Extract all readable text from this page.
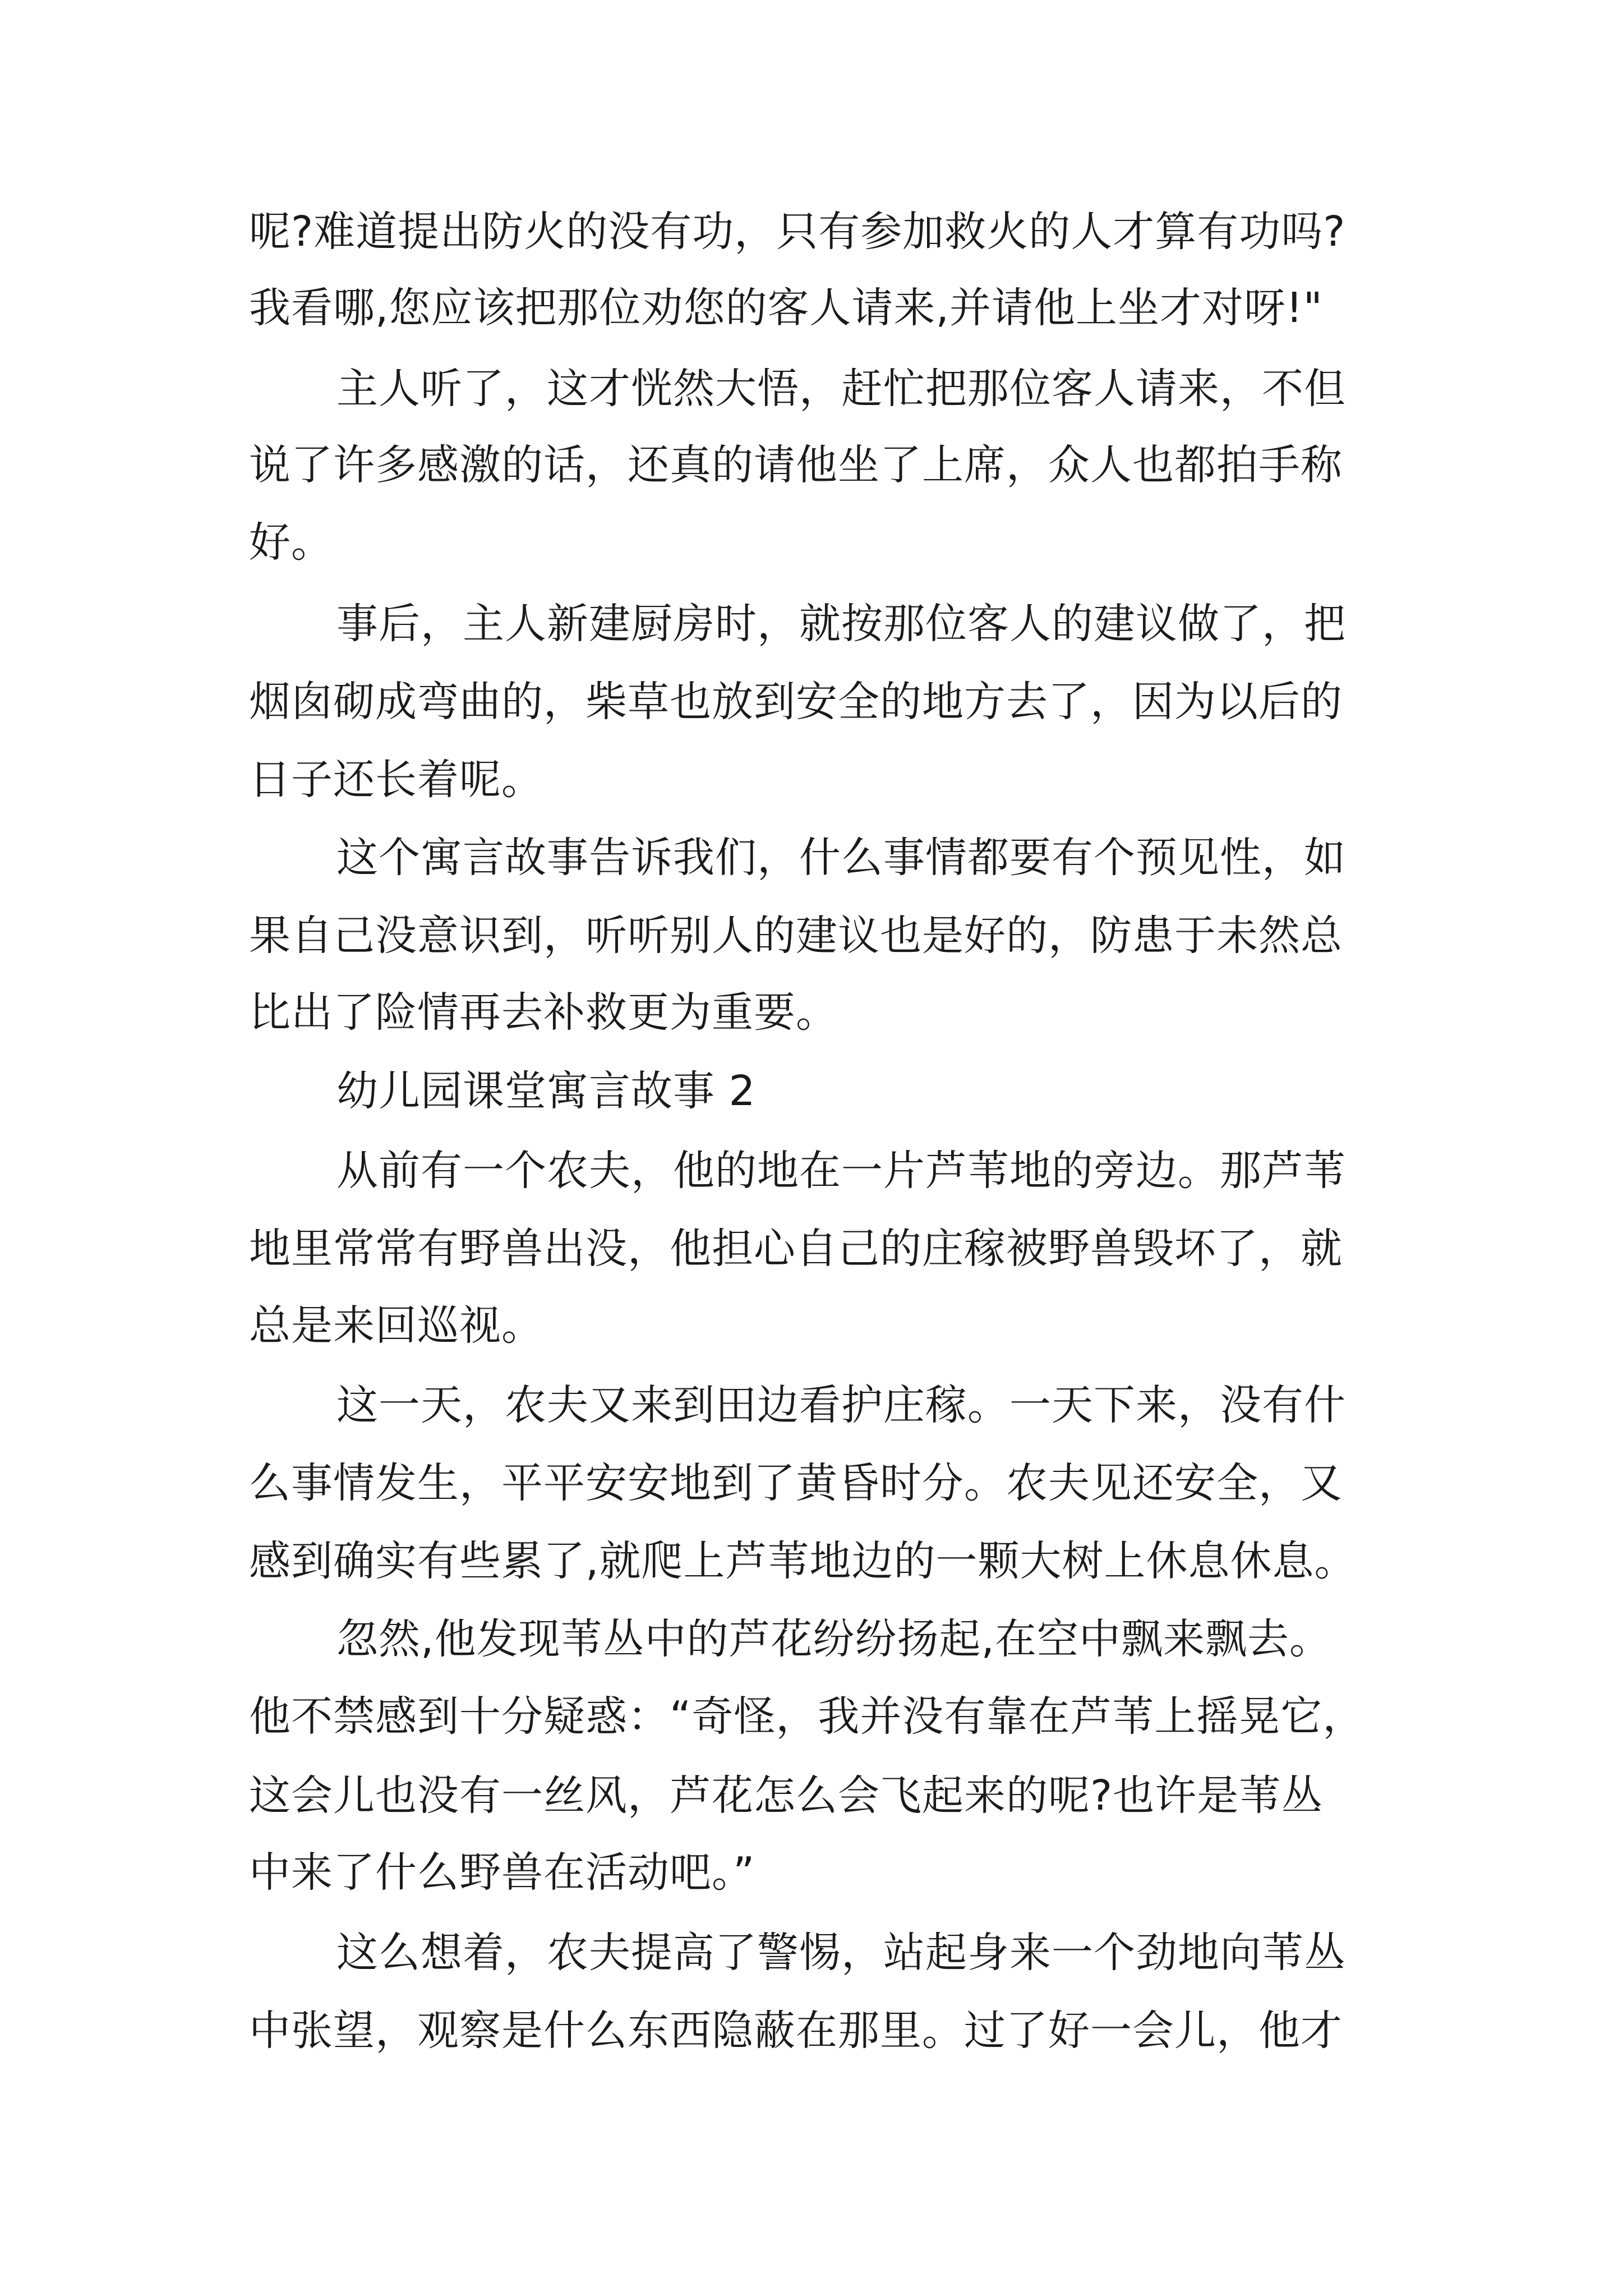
呢?难道提出防火的没有功，只有参加救火的人才算有功吗?
我看哪,您应该把那位劝您的客人请来,并请他上坐才对呀!"
主人听了，这才恍然大悟，赶忙把那位客人请来，不但
说了许多感激的话，还真的请他坐了上席，众人也都拍手称
好。
事后，主人新建厨房时，就按那位客人的建议做了，把
烟囱砌成弯曲的，柴草也放到安全的地方去了，因为以后的
日子还长着呢。
这个寓言故事告诉我们，什么事情都要有个预见性，如
果自己没意识到，听听别人的建议也是好的，防患于未然总
比出了险情再去补救更为重要。
幼儿园课堂寓言故事 2
从前有一个农夫，他的地在一片芦苇地的旁边。那芦苇
地里常常有野兽出没，他担心自己的庄稼被野兽毁坏了，就
总是来回巡视。
这一天，农夫又来到田边看护庄稼。一天下来，没有什
么事情发生，平平安安地到了黄昏时分。农夫见还安全，又
感到确实有些累了,就爬上芦苇地边的一颗大树上休息休息。
忽然,他发现苇丛中的芦花纷纷扬起,在空中飘来飘去。
他不禁感到十分疑惑：“奇怪，我并没有靠在芦苇上摇晃它，
这会儿也没有一丝风，芦花怎么会飞起来的呢?也许是苇丛
中来了什么野兽在活动吧。”
这么想着，农夫提高了警惕，站起身来一个劲地向苇丛
中张望，观察是什么东西隐蔽在那里。过了好一会儿，他才
